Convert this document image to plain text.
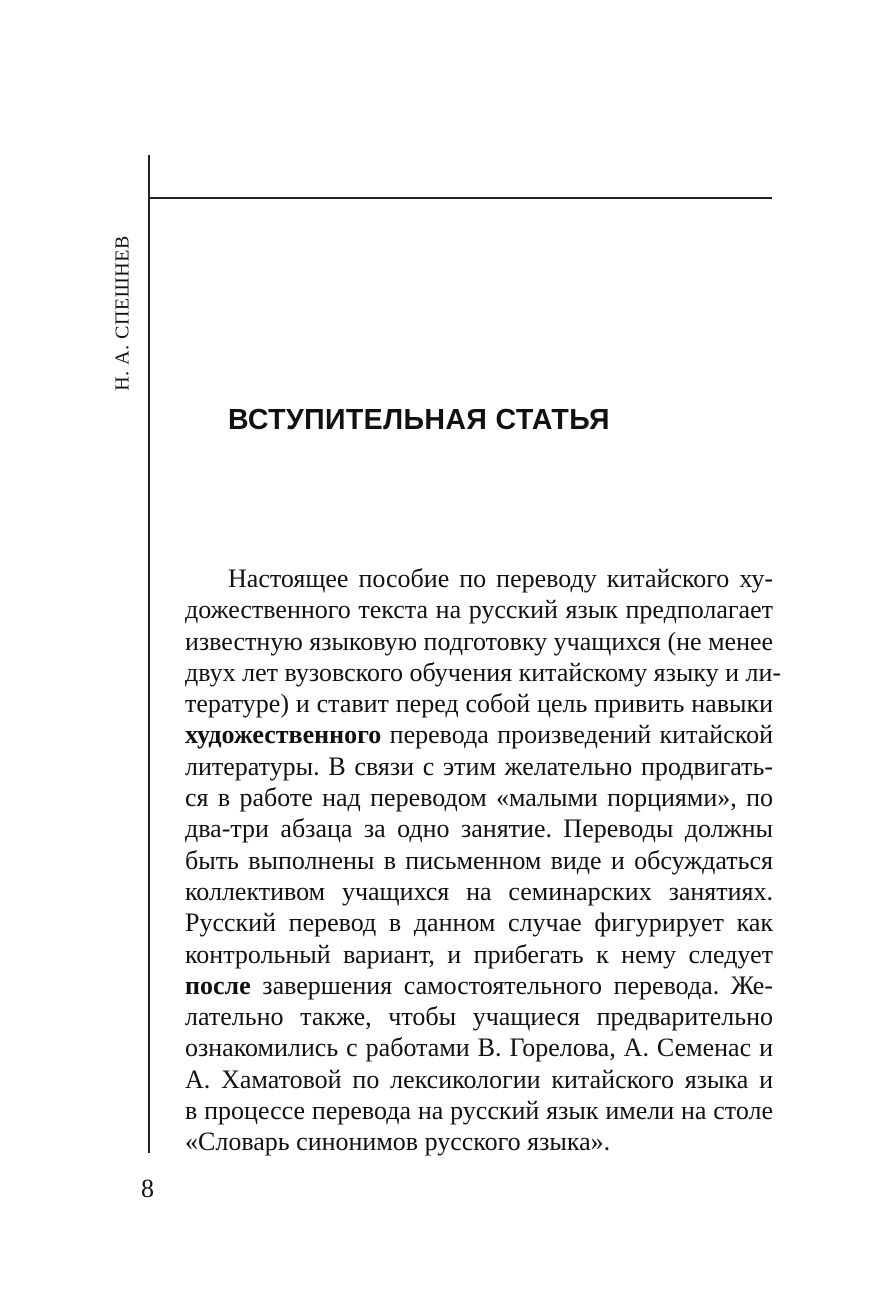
Н. А. СПЕШНЕВ
ВСТУПИТЕЛЬНАЯ СТАТЬЯ
Настоящее пособие по переводу китайского ху-
дожественного текста на русский язык предполагает
известную языковую подготовку учащихся (не менее
двух лет вузовского обучения китайскому языку и ли-
тературе) и ставит перед собой цель привить навыки
художественного перевода произведений китайской
литературы. В связи с этим желательно продвигать-
ся в работе над переводом «малыми порциями», по
два-три абзаца за одно занятие. Переводы должны
быть выполнены в письменном виде и обсуждаться
коллективом учащихся на семинарских занятиях.
Русский перевод в данном случае фигурирует как
контрольный вариант, и прибегать к нему следует
после завершения самостоятельного перевода. Же-
лательно также, чтобы учащиеся предварительно
ознакомились с работами В. Горелова, А. Семенас и
А. Хаматовой по лексикологии китайского языка и
в процессе перевода на русский язык имели на столе
«Словарь синонимов русского языка».
8
